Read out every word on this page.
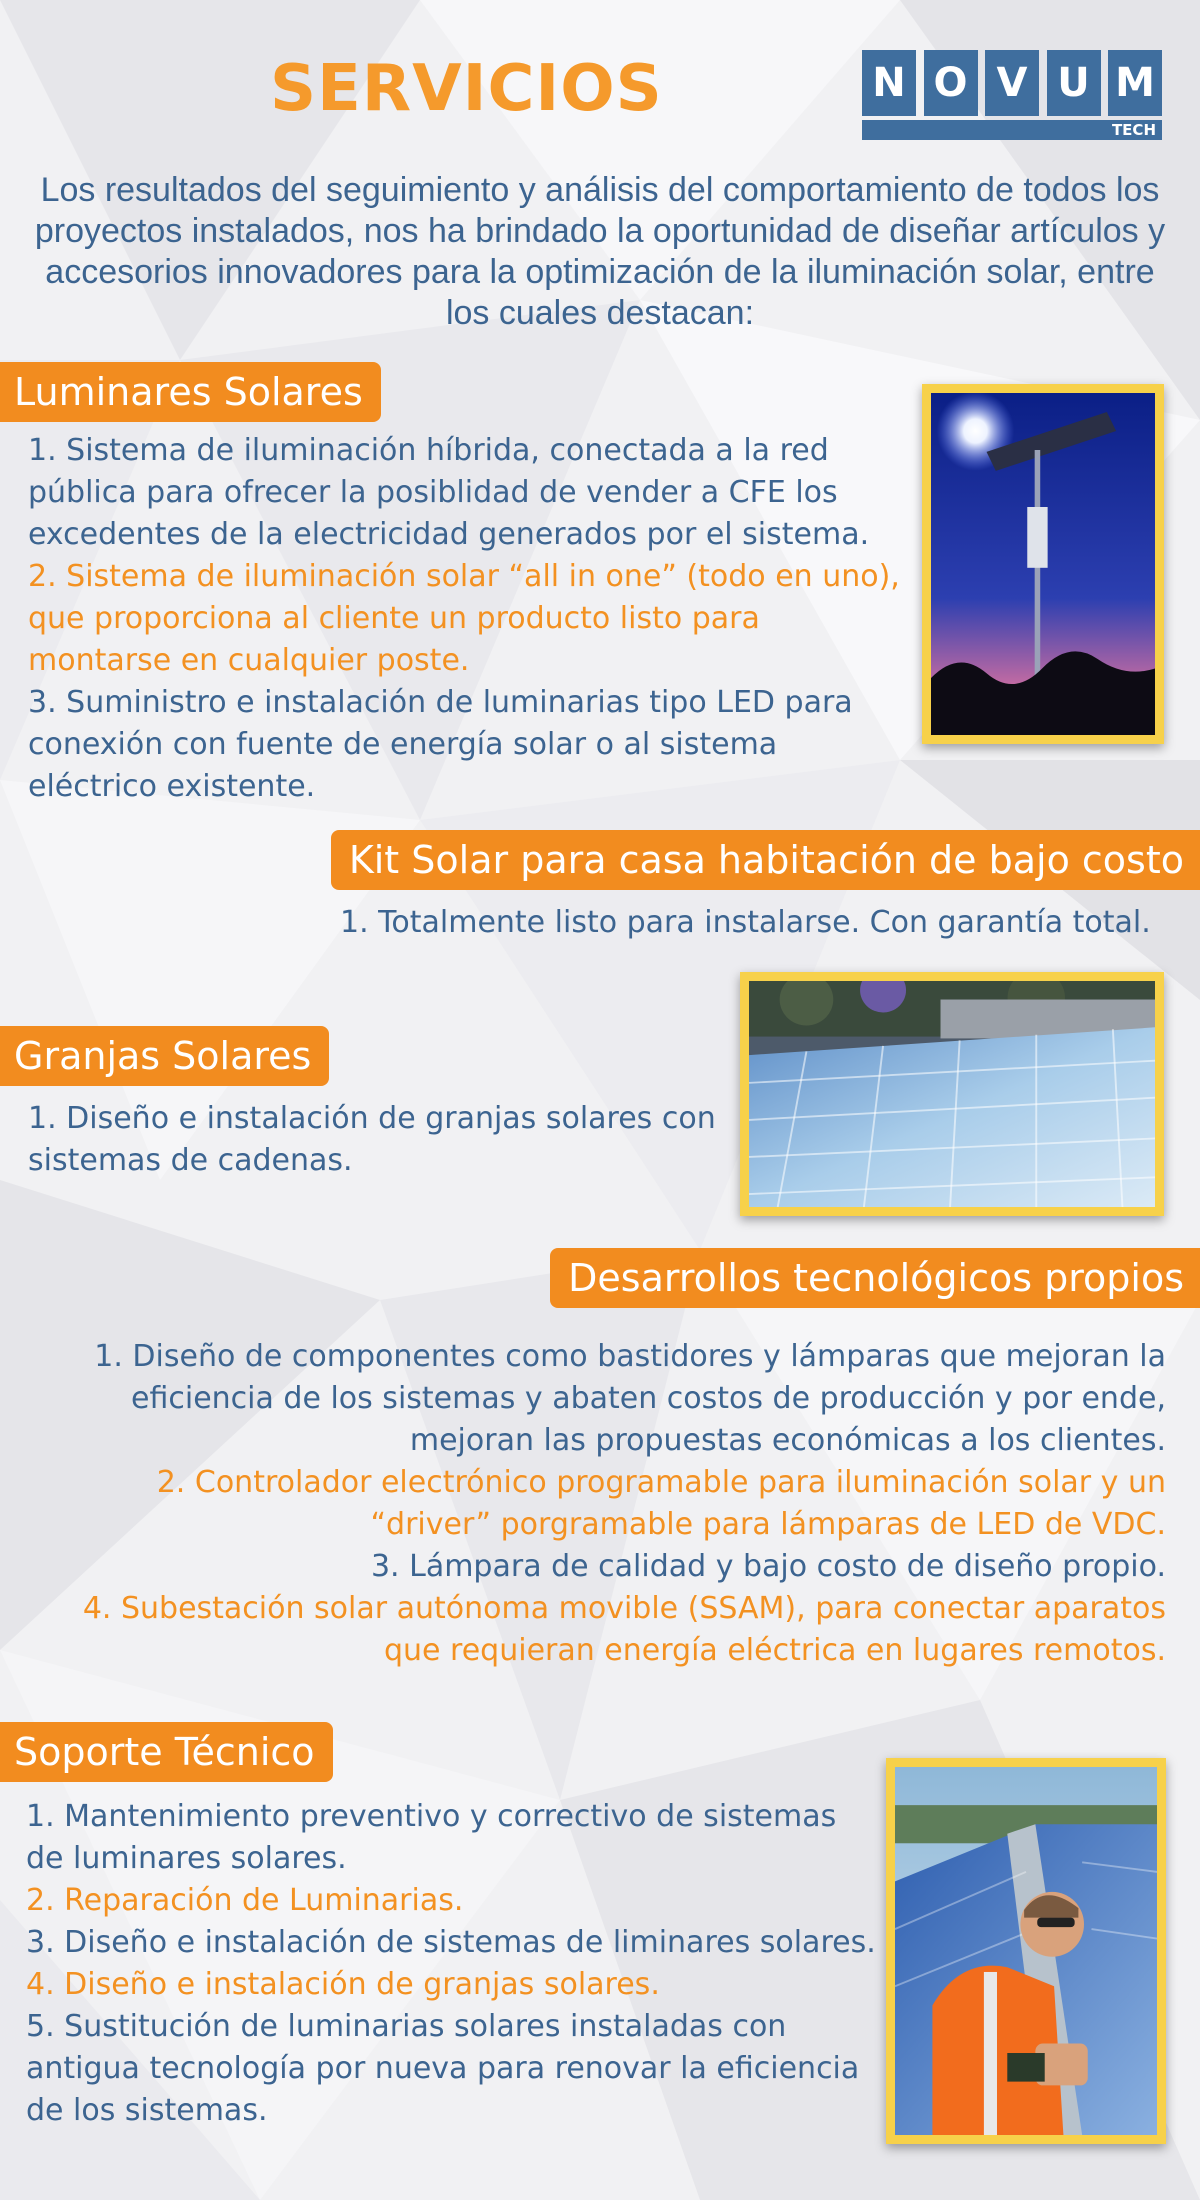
SERVICIOS	N O V U M
TECH
Los resultados del seguimiento y análisis del comportamiento de todos los proyectos instalados, nos ha brindado la oportunidad de diseñar artículos y accesorios innovadores para la optimización de la iluminación solar, entre los cuales destacan:
Luminares Solares
1. Sistema de iluminación híbrida, conectada a la red pública para ofrecer la posiblidad de vender a CFE los excedentes de la electricidad generados por el sistema.
2. Sistema de iluminación solar “all in one” (todo en uno), que proporciona al cliente un producto listo para montarse en cualquier poste.
3. Suministro e instalación de luminarias tipo LED para conexión con fuente de energía solar o al sistema eléctrico existente.
Kit Solar para casa habitación de bajo costo
1. Totalmente listo para instalarse. Con garantía total.
Granjas Solares
1. Diseño e instalación de granjas solares con sistemas de cadenas.
Desarrollos tecnológicos propios
1. Diseño de componentes como bastidores y lámparas que mejoran la eficiencia de los sistemas y abaten costos de producción y por ende, mejoran las propuestas económicas a los clientes.
2. Controlador electrónico programable para iluminación solar y un “driver” porgramable para lámparas de LED de VDC.
3. Lámpara de calidad y bajo costo de diseño propio.
4. Subestación solar autónoma movible (SSAM), para conectar aparatos que requieran energía eléctrica en lugares remotos.
Soporte Técnico
1. Mantenimiento preventivo y correctivo de sistemas de luminares solares.
2. Reparación de Luminarias.
3. Diseño e instalación de sistemas de liminares solares.
4. Diseño e instalación de granjas solares.
5. Sustitución de luminarias solares instaladas con antigua tecnología por nueva para renovar la eficiencia de los sistemas.
